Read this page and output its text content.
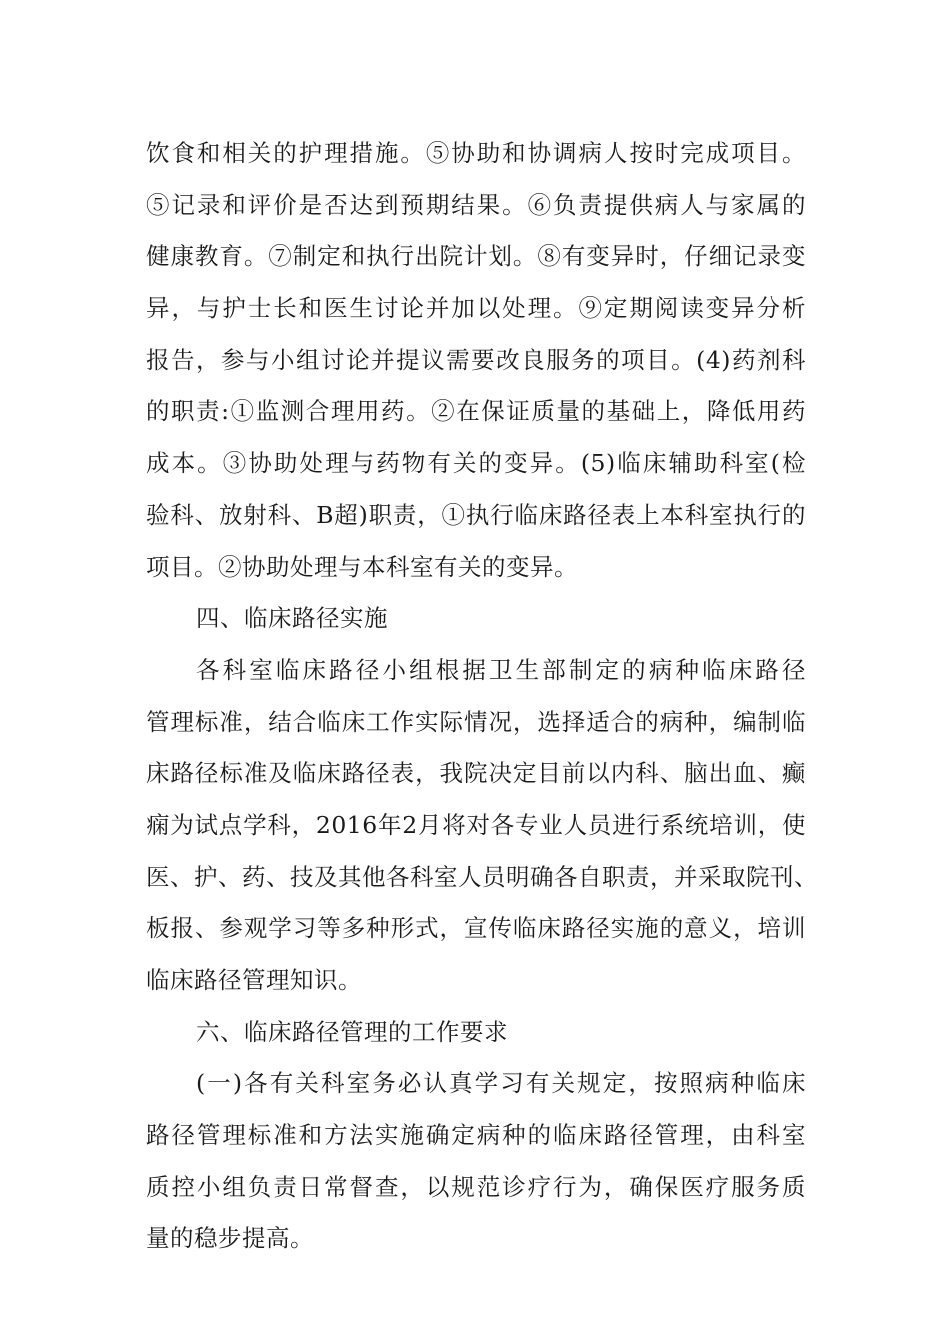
饮食和相关的护理措施。⑤协助和协调病人按时完成项目。
⑤记录和评价是否达到预期结果。⑥负责提供病人与家属的
健康教育。⑦制定和执行出院计划。⑧有变异时，仔细记录变
异，与护士长和医生讨论并加以处理。⑨定期阅读变异分析
报告，参与小组讨论并提议需要改良服务的项目。(4)药剂科
的职责:①监测合理用药。②在保证质量的基础上，降低用药
成本。③协助处理与药物有关的变异。(5)临床辅助科室(检
验科、放射科、B超)职责，①执行临床路径表上本科室执行的
项目。②协助处理与本科室有关的变异。
四、临床路径实施
各科室临床路径小组根据卫生部制定的病种临床路径
管理标准，结合临床工作实际情况，选择适合的病种，编制临
床路径标准及临床路径表，我院决定目前以内科、脑出血、癫
痫为试点学科，2016年2月将对各专业人员进行系统培训，使
医、护、药、技及其他各科室人员明确各自职责，并采取院刊、
板报、参观学习等多种形式，宣传临床路径实施的意义，培训
临床路径管理知识。
六、临床路径管理的工作要求
(一)各有关科室务必认真学习有关规定，按照病种临床
路径管理标准和方法实施确定病种的临床路径管理，由科室
质控小组负责日常督查，以规范诊疗行为，确保医疗服务质
量的稳步提高。
